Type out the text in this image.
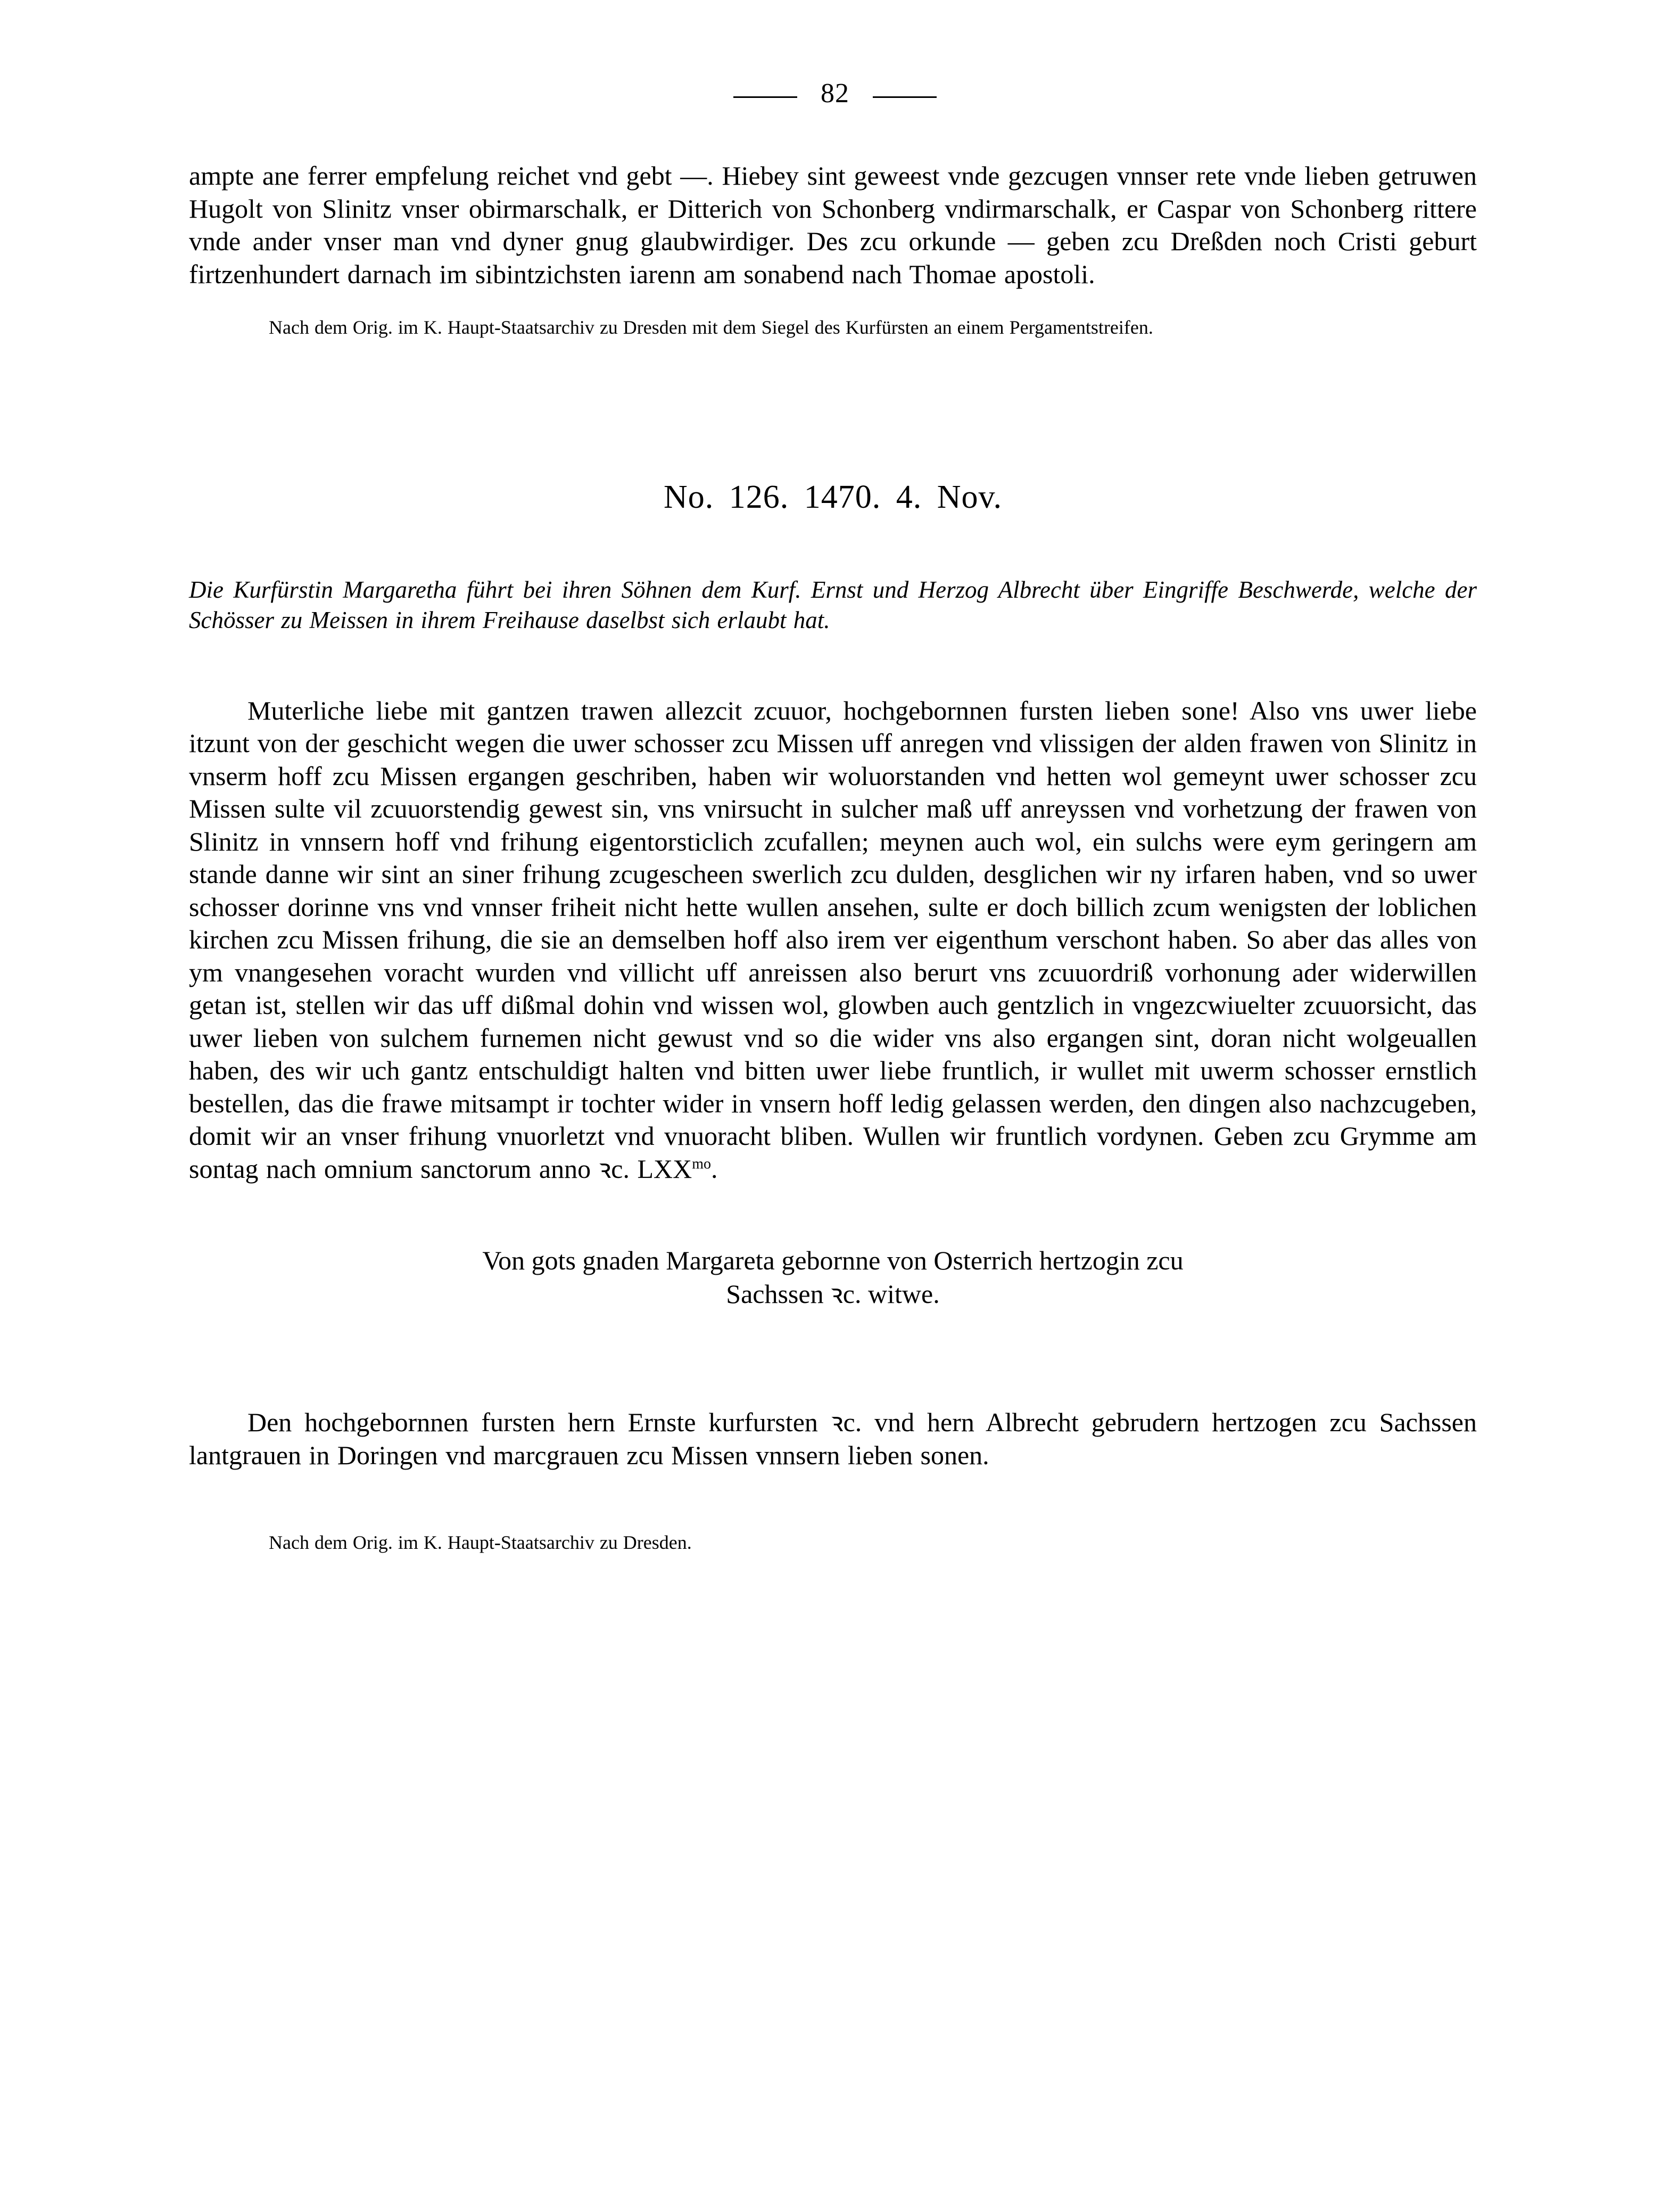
82

ampte ane ferrer empfelung reichet vnd gebt —. Hiebey sint geweest vnde gezcugen vnnser rete vnde lieben getruwen Hugolt von Slinitz vnser obirmarschalk, er Ditterich von Schonberg vndirmarschalk, er Caspar von Schonberg rittere vnde ander vnser man vnd dyner gnug glaubwirdiger. Des zcu orkunde — geben zcu Dreßden noch Cristi geburt firtzenhundert darnach im sibintzichsten iarenn am sonabend nach Thomae apostoli.

Nach dem Orig. im K. Haupt-Staatsarchiv zu Dresden mit dem Siegel des Kurfürsten an einem Pergamentstreifen.

No. 126. 1470. 4. Nov.

Die Kurfürstin Margaretha führt bei ihren Söhnen dem Kurf. Ernst und Herzog Albrecht über Eingriffe Beschwerde, welche der Schösser zu Meissen in ihrem Freihause daselbst sich erlaubt hat.

Muterliche liebe mit gantzen trawen allezcit zcuuor, hochgebornnen fursten lieben sone! Also vns uwer liebe itzunt von der geschicht wegen die uwer schosser zcu Missen uff anregen vnd vlissigen der alden frawen von Slinitz in vnserm hoff zcu Missen ergangen geschriben, haben wir woluorstanden vnd hetten wol gemeynt uwer schosser zcu Missen sulte vil zcuuorstendig gewest sin, vns vnirsucht in sulcher maß uff anreyssen vnd vorhetzung der frawen von Slinitz in vnnsern hoff vnd frihung eigentorsticlich zcufallen; meynen auch wol, ein sulchs were eym geringern am stande danne wir sint an siner frihung zcugescheen swerlich zcu dulden, desglichen wir ny irfaren haben, vnd so uwer schosser dorinne vns vnd vnnser friheit nicht hette wullen ansehen, sulte er doch billich zcum wenigsten der loblichen kirchen zcu Missen frihung, die sie an demselben hoff also irem ver eigenthum verschont haben. So aber das alles von ym vnangesehen voracht wurden vnd villicht uff anreissen also berurt vns zcuuordriß vorhonung ader widerwillen getan ist, stellen wir das uff dißmal dohin vnd wissen wol, glowben auch gentzlich in vngezcwiuelter zcuuorsicht, das uwer lieben von sulchem furnemen nicht gewust vnd so die wider vns also ergangen sint, doran nicht wolgeuallen haben, des wir uch gantz entschuldigt halten vnd bitten uwer liebe fruntlich, ir wullet mit uwerm schosser ernstlich bestellen, das die frawe mitsampt ir tochter wider in vnsern hoff ledig gelassen werden, den dingen also nachzcugeben, domit wir an vnser frihung vnuorletzt vnd vnuoracht bliben. Wullen wir fruntlich vordynen. Geben zcu Grymme am sontag nach omnium sanctorum anno ꝛc. $LXX^{mo}$.

Von gots gnaden Margareta gebornne von Osterrich hertzogin zcu
Sachssen ꝛc. witwe.

Den hochgebornnen fursten hern Ernste kurfursten ꝛc. vnd hern Albrecht gebrudern hertzogen zcu Sachssen lantgrauen in Doringen vnd marcgrauen zcu Missen vnnsern lieben sonen.

Nach dem Orig. im K. Haupt-Staatsarchiv zu Dresden.
